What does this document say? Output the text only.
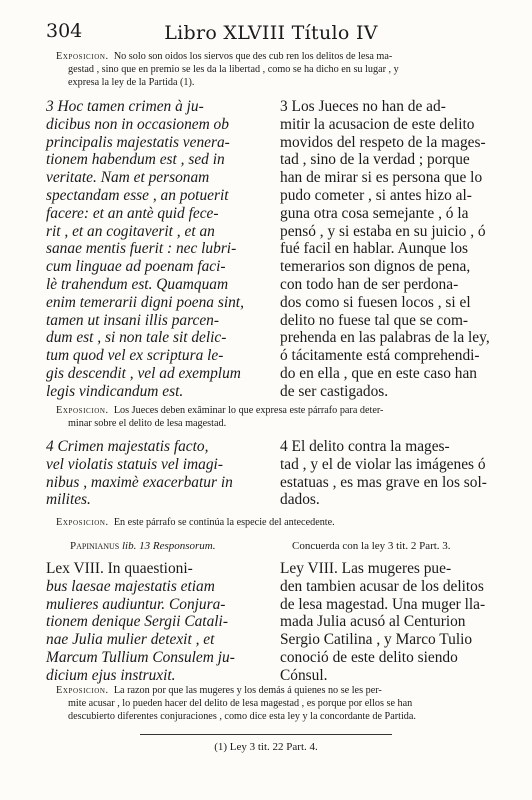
304	Libro XLVIII Título IV
Exposicion. No solo son oidos los siervos que des cub ren los delitos de lesa ma-
gestad , sino que en premio se les da la libertad , como se ha dicho en su lugar , y
expresa la ley de la Partida (1).
3 Hoc tamen crimen à ju-
dicibus non in occasionem ob
principalis majestatis venera-
tionem habendum est , sed in
veritate. Nam et personam
spectandam esse , an potuerit
facere: et an antè quid fece-
rit , et an cogitaverit , et an
sanae mentis fuerit : nec lubri-
cum linguae ad poenam faci-
lè trahendum est. Quamquam
enim temerarii digni poena sint,
tamen ut insani illis parcen-
dum est , si non tale sit delic-
tum quod vel ex scriptura le-
gis descendit , vel ad exemplum
legis vindicandum est.
3 Los Jueces no han de ad-
mitir la acusacion de este delito
movidos del respeto de la mages-
tad , sino de la verdad ; porque
han de mirar si es persona que lo
pudo cometer , si antes hizo al-
guna otra cosa semejante , ó la
pensó , y si estaba en su juicio , ó
fué facil en hablar. Aunque los
temerarios son dignos de pena,
con todo han de ser perdona-
dos como si fuesen locos , si el
delito no fuese tal que se com-
prehenda en las palabras de la ley,
ó tácitamente está comprehendi-
do en ella , que en este caso han
de ser castigados.
Exposicion. Los Jueces deben exâminar lo que expresa este párrafo para deter-
minar sobre el delito de lesa magestad.
4 Crimen majestatis facto,
vel violatis statuis vel imagi-
nibus , maximè exacerbatur in
milites.
4 El delito contra la mages-
tad , y el de violar las imágenes ó
estatuas , es mas grave en los sol-
dados.
Exposicion. En este párrafo se continúa la especie del antecedente.
Papinianus lib. 13 Responsorum.	Concuerda con la ley 3 tit. 2 Part. 3.
Lex VIII. In quaestioni-
bus laesae majestatis etiam
mulieres audiuntur. Conjura-
tionem denique Sergii Catali-
nae Julia mulier detexit , et
Marcum Tullium Consulem ju-
dicium ejus instruxit.
Ley VIII. Las mugeres pue-
den tambien acusar de los delitos
de lesa magestad. Una muger lla-
mada Julia acusó al Centurion
Sergio Catilina , y Marco Tulio
conoció de este delito siendo
Cónsul.
Exposicion. La razon por que las mugeres y los demás á quienes no se les per-
mite acusar , lo pueden hacer del delito de lesa magestad , es porque por ellos se han
descubierto diferentes conjuraciones , como dice esta ley y la concordante de Partida.
(1) Ley 3 tit. 22 Part. 4.
